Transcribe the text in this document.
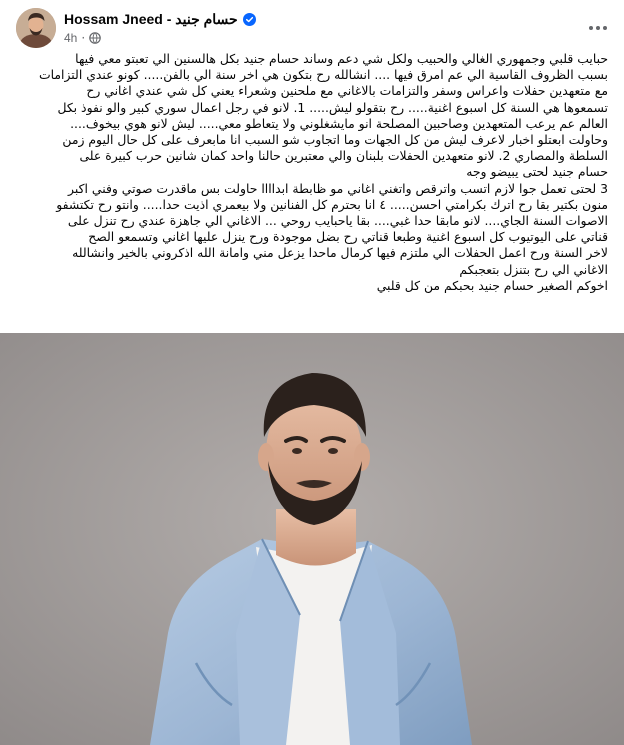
Hossam Jneed - حسام جنيد
4h ·

حبايب قلبي وجمهوري الغالي والحبيب ولكل شي دعم وساند حسام جنيد بكل هالسنين الي تعبتو معي فيها

بسبب الظروف القاسية الي عم امرق فيها .... انشالله رح بتكون هي اخر سنة الي بالفن..... كونو عندي التزامات

مع متعهدين حفلات واعراس وسفر والتزامات بالاغاني مع ملحنين وشعراء يعني كل شي عندي اغاني رح

تسمعوها هي السنة كل اسبوع اغنية..... رح بتقولو ليش..... 1. لانو في رجل اعمال سوري كبير والو نفوذ بكل

العالم عم يرعب المتعهدين وصاحبين المصلحة انو مايشغلوني ولا يتعاطو معي..... ليش لانو هوي بيخوف....

وحاولت ابعتلو اخبار لاعرف ليش من كل الجهات وما اتجاوب شو السبب انا مابعرف على كل حال اليوم زمن

السلطة والمصاري 2. لانو متعهدين الحفلات بلبنان والي معتبرين حالنا واحد كمان شانين حرب كبيرة على

حسام جنيد لحتى يبيضو وجه

3 لحتى تعمل جوا لازم اتسب واترقص واتغني اغاني مو ظابطة ابداااا حاولت بس ماقدرت صوتي وفني اكبر

منون بكتير بقا رح اترك بكرامتي احسن..... ٤ انا بحترم كل الفنانين ولا بيعمري اذيت حدا..... وانتو رح تكتشفو

الاصوات السنة الجاي.... لانو مابقا حدا غبي.... بقا ياحبايب روحي ... الاغاني الي جاهزة عندي رح تنزل على

قناتي على اليوتيوب كل اسبوع اغنية وطبعا قناتي رح بضل موجودة ورح ينزل عليها اغاني وتسمعو الصح

لاخر السنة ورح اعمل الحفلات الي ملتزم فيها كرمال ماحدا يزعل مني وامانة الله اذكروني بالخير وانشالله

الاغاني الي رح بتنزل بتعجبكم

اخوكم الصغير حسام جنيد بحبكم من كل قلبي
